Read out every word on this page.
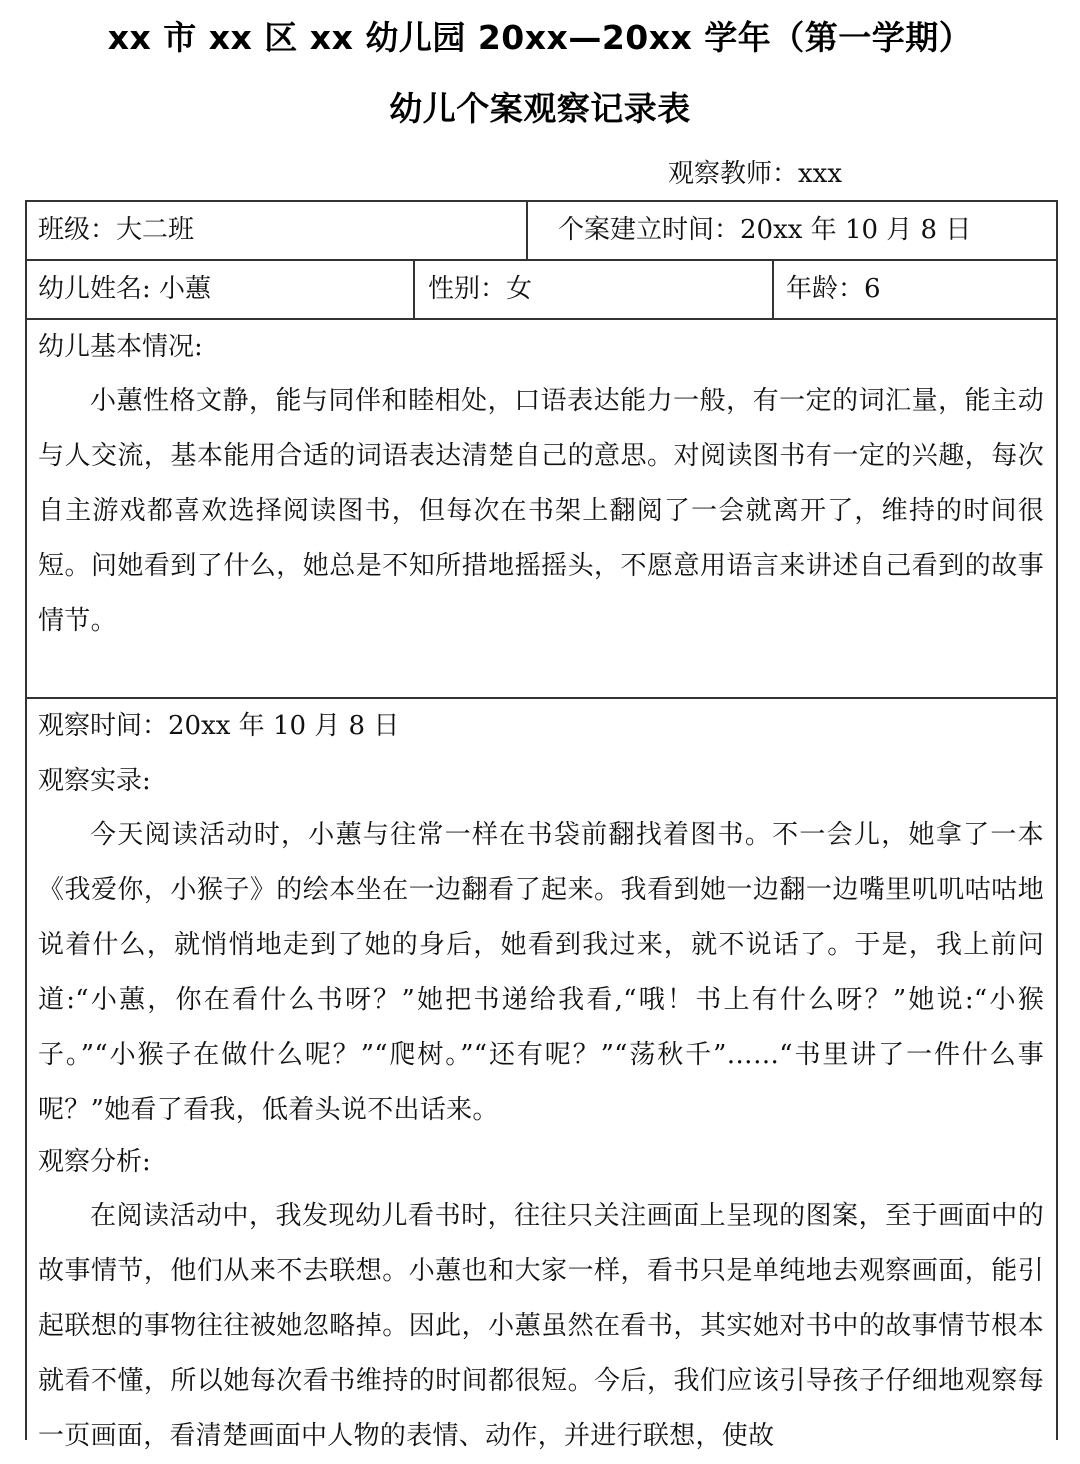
xx 市 xx 区 xx 幼儿园 20xx—20xx 学年（第一学期）
幼儿个案观察记录表
观察教师：xxx
班级：大二班	个案建立时间：20xx 年 10 月 8 日
幼儿姓名: 小蕙	性别：女	年龄：6
幼儿基本情况:

小蕙性格文静，能与同伴和睦相处，口语表达能力一般，有一定的词汇量，能主动与人交流，基本能用合适的词语表达清楚自己的意思。对阅读图书有一定的兴趣，每次自主游戏都喜欢选择阅读图书，但每次在书架上翻阅了一会就离开了，维持的时间很短。问她看到了什么，她总是不知所措地摇摇头，不愿意用语言来讲述自己看到的故事情节。

观察时间：20xx 年 10 月 8 日
观察实录:

今天阅读活动时，小蕙与往常一样在书袋前翻找着图书。不一会儿，她拿了一本《我爱你，小猴子》的绘本坐在一边翻看了起来。我看到她一边翻一边嘴里叽叽咕咕地说着什么，就悄悄地走到了她的身后，她看到我过来，就不说话了。于是，我上前问道:“小蕙，你在看什么书呀？”她把书递给我看,“哦！书上有什么呀？”她说:“小猴子。”“小猴子在做什么呢？”“爬树。”“还有呢？”“荡秋千”……“书里讲了一件什么事呢？”她看了看我，低着头说不出话来。

观察分析:

在阅读活动中，我发现幼儿看书时，往往只关注画面上呈现的图案，至于画面中的故事情节，他们从来不去联想。小蕙也和大家一样，看书只是单纯地去观察画面，能引起联想的事物往往被她忽略掉。因此，小蕙虽然在看书，其实她对书中的故事情节根本就看不懂，所以她每次看书维持的时间都很短。今后，我们应该引导孩子仔细地观察每一页画面，看清楚画面中人物的表情、动作，并进行联想，使故
